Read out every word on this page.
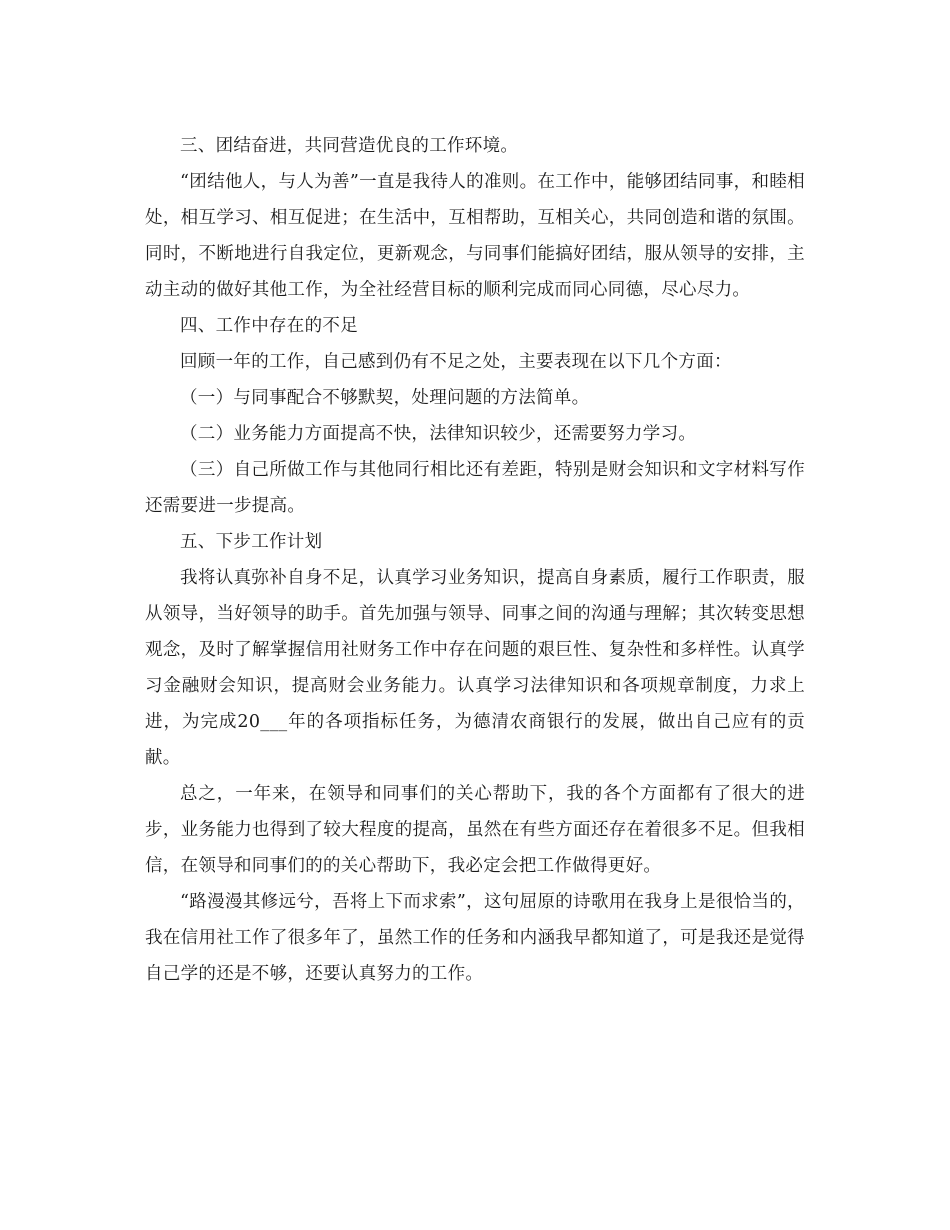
三、团结奋进，共同营造优良的工作环境。

“团结他人，与人为善”一直是我待人的准则。在工作中，能够团结同事，和睦相处，相互学习、相互促进；在生活中，互相帮助，互相关心，共同创造和谐的氛围。同时，不断地进行自我定位，更新观念，与同事们能搞好团结，服从领导的安排，主动主动的做好其他工作，为全社经营目标的顺利完成而同心同德，尽心尽力。

四、工作中存在的不足

回顾一年的工作，自己感到仍有不足之处，主要表现在以下几个方面：

（一）与同事配合不够默契，处理问题的方法简单。

（二）业务能力方面提高不快，法律知识较少，还需要努力学习。

（三）自己所做工作与其他同行相比还有差距，特别是财会知识和文字材料写作还需要进一步提高。

五、下步工作计划

我将认真弥补自身不足，认真学习业务知识，提高自身素质，履行工作职责，服从领导，当好领导的助手。首先加强与领导、同事之间的沟通与理解；其次转变思想观念，及时了解掌握信用社财务工作中存在问题的艰巨性、复杂性和多样性。认真学习金融财会知识，提高财会业务能力。认真学习法律知识和各项规章制度，力求上进，为完成20___年的各项指标任务，为德清农商银行的发展，做出自己应有的贡献。

总之，一年来，在领导和同事们的关心帮助下，我的各个方面都有了很大的进步，业务能力也得到了较大程度的提高，虽然在有些方面还存在着很多不足。但我相信，在领导和同事们的的关心帮助下，我必定会把工作做得更好。

“路漫漫其修远兮，吾将上下而求索”，这句屈原的诗歌用在我身上是很恰当的，我在信用社工作了很多年了，虽然工作的任务和内涵我早都知道了，可是我还是觉得自己学的还是不够，还要认真努力的工作。
